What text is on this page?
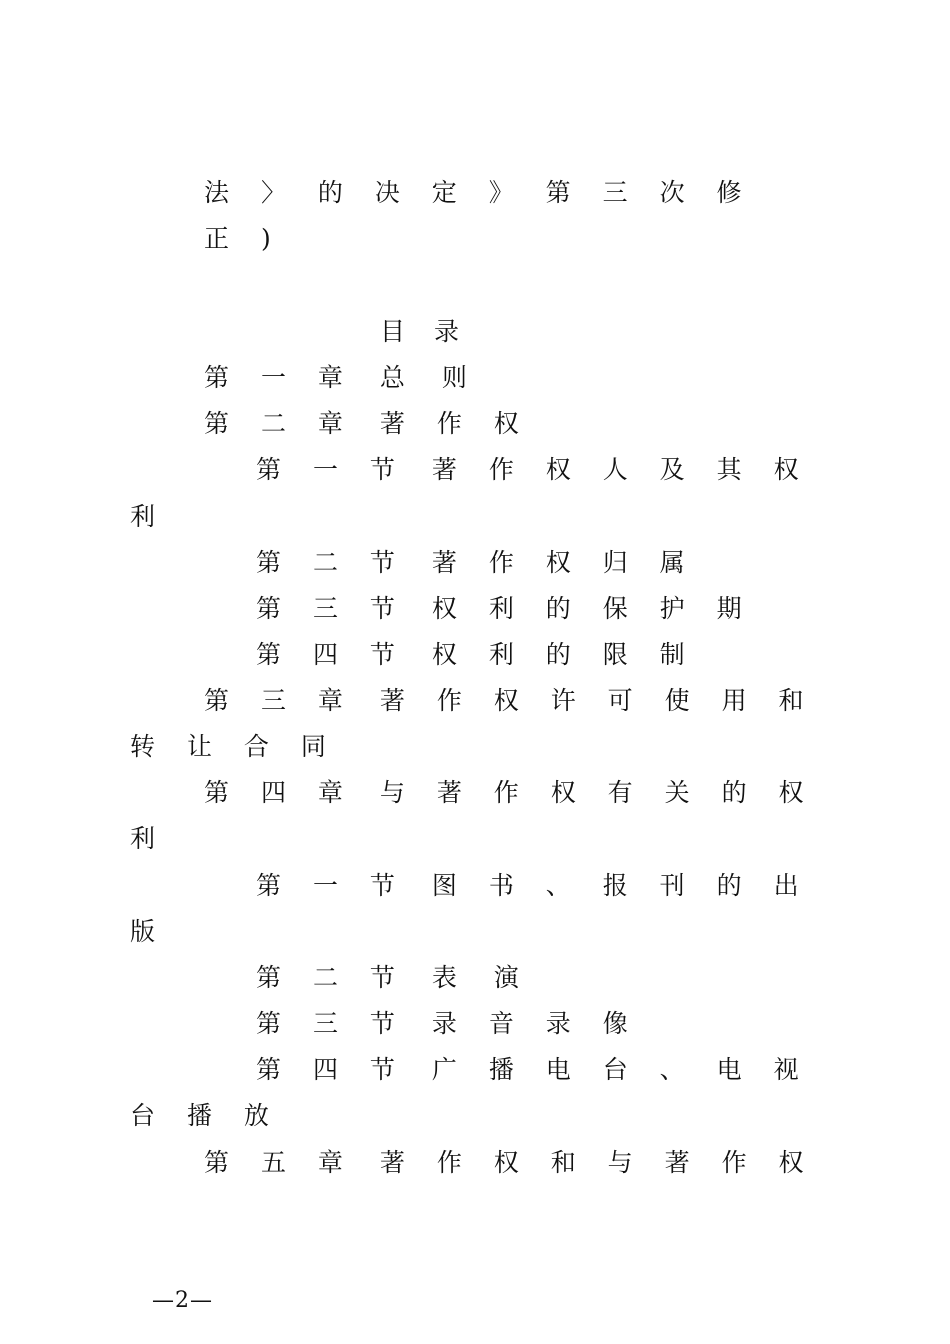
法 〉 的 决 定 》 第 三 次 修
正 )
目　录
第 一 章　总　则
第 二 章　著 作 权
第 一 节　著 作 权 人 及 其 权
利
第 二 节　著 作 权 归 属
第 三 节　权 利 的 保 护 期
第 四 节　权 利 的 限 制
第 三 章　著 作 权 许 可 使 用 和
转 让 合 同
第 四 章　与 著 作 权 有 关 的 权
利
第 一 节　图 书 、 报 刊 的 出
版
第 二 节　表　演
第 三 节　录 音 录 像
第 四 节　广 播 电 台 、 电 视
台 播 放
第 五 章　著 作 权 和 与 著 作 权
—2—
